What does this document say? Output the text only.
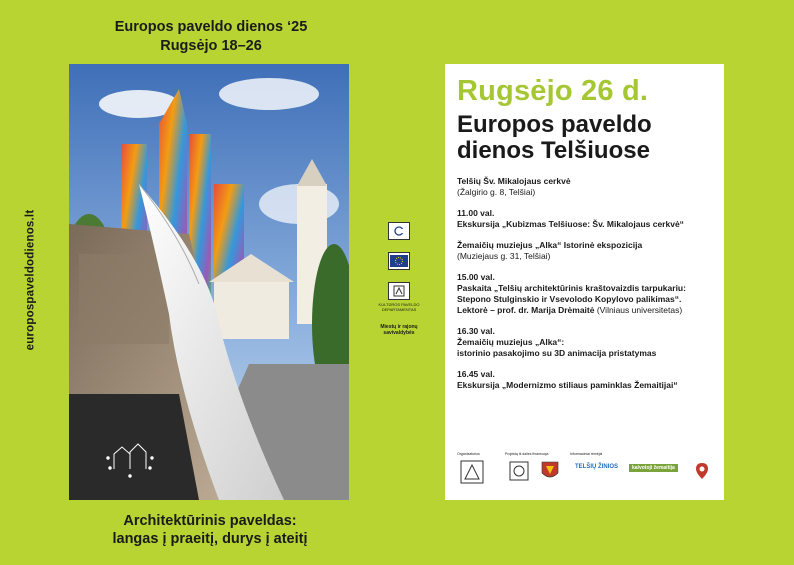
Europos paveldo dienos ‘25
Rugsėjo 18–26
europospaveldodienos.lt
Architektūrinis paveldas:
langas į praeitį, durys į ateitį
KULTŪROS PAVELDO DEPARTAMENTAS
Miestų ir rajonų savivaldybės
Rugsėjo 26 d.
Europos paveldo
dienos Telšiuose
Telšių Šv. Mikalojaus cerkvė
(Žalgirio g. 8, Telšiai)
11.00 val.
Ekskursija „Kubizmas Telšiuose: Šv. Mikalojaus cerkvė“
Žemaičių muziejus „Alka“ Istorinė ekspozicija
(Muziejaus g. 31, Telšiai)
15.00 val.
Paskaita „Telšių architektūrinis kraštovaizdis tarpukariu:
Stepono Stulginskio ir Vsevolodo Kopylovo palikimas“.
Lektorė – prof. dr. Marija Drėmaitė (Vilniaus universitetas)
16.30 val.
Žemaičių muziejus „Alka“:
istorinio pasakojimo su 3D animacija pristatymas
16.45 val.
Ekskursija „Modernizmo stiliaus paminklas Žemaitijai“
Organizatorius	Projektą iš dalies finansuoja	Informaciniai rėmėjai
TELŠIŲ ŽINIOS	kalvotoji žemaitija
